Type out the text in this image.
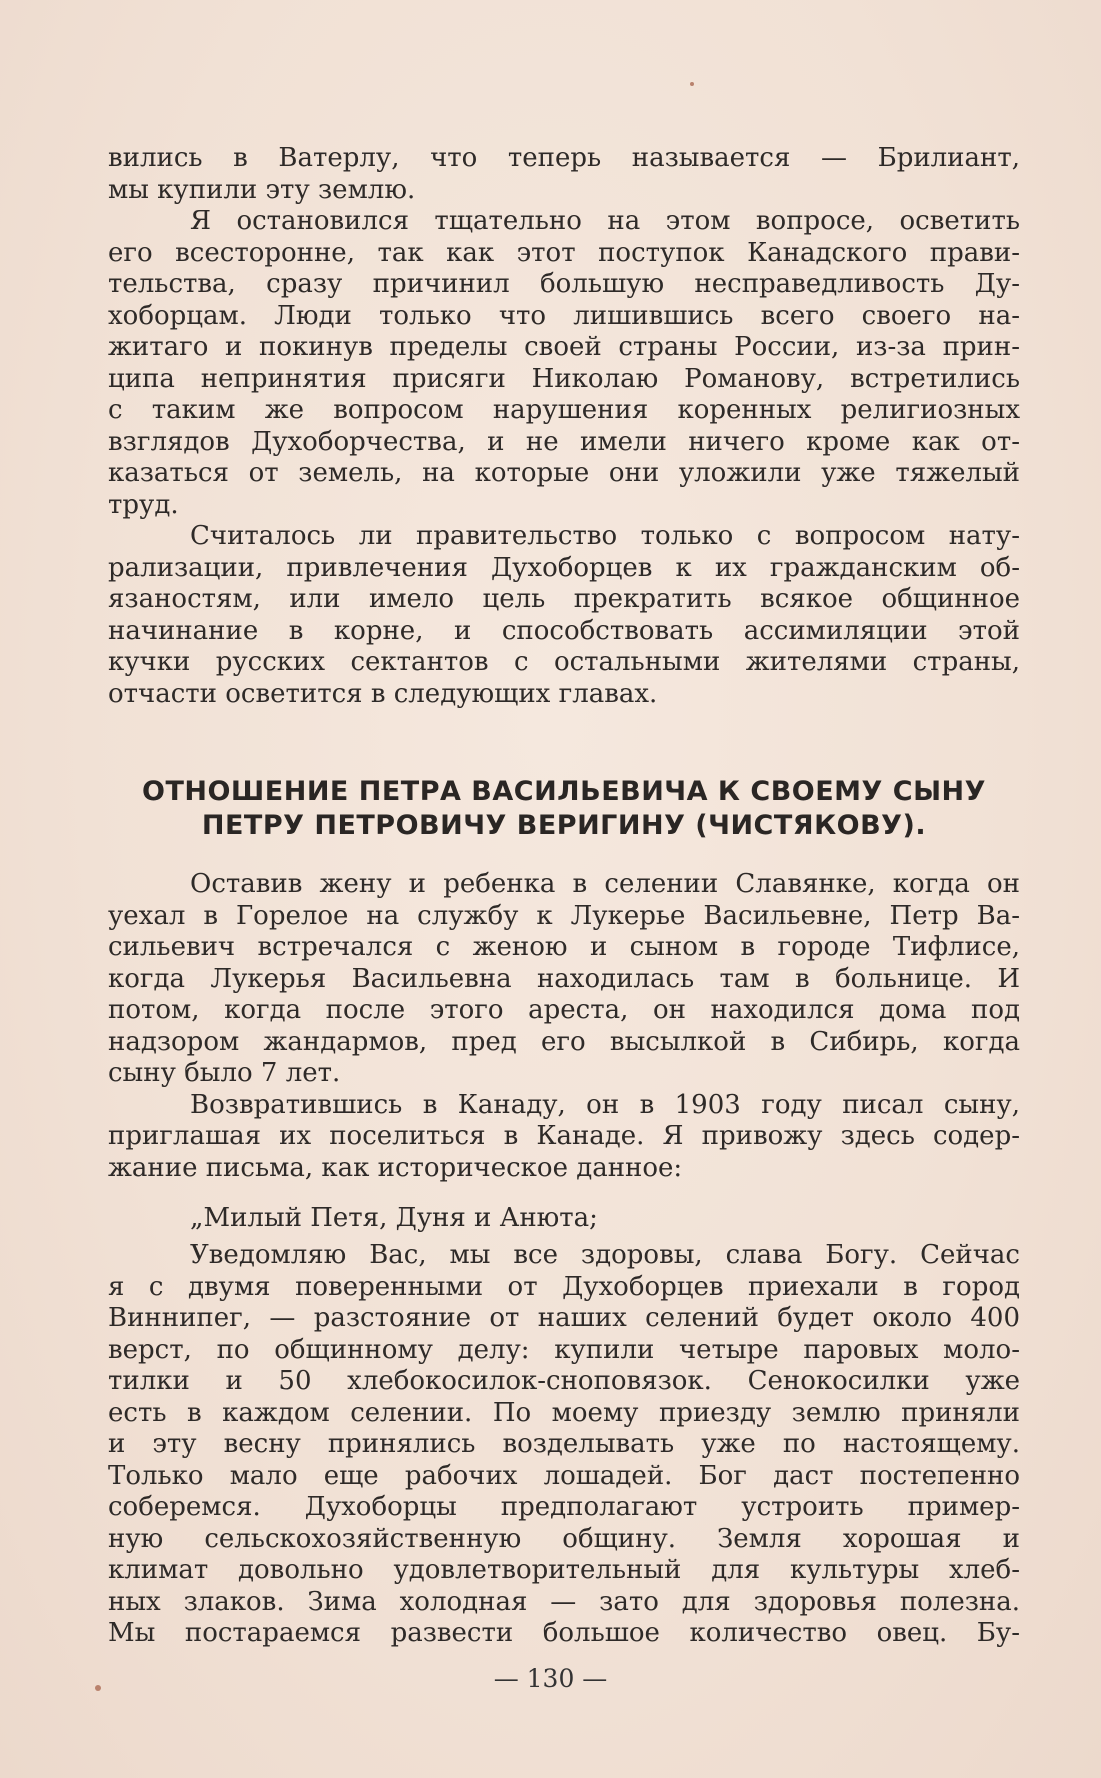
вились в Ватерлу, что теперь называется — Брилиант,
мы купили эту землю.
Я остановился тщательно на этом вопросе, осветить
его всесторонне, так как этот поступок Канадского прави-
тельства, сразу причинил большую несправедливость Ду-
хоборцам. Люди только что лишившись всего своего на-
житаго и покинув пределы своей страны России, из-за прин-
ципа непринятия присяги Николаю Романову, встретились
с таким же вопросом нарушения коренных религиозных
взглядов Духоборчества, и не имели ничего кроме как от-
казаться от земель, на которые они уложили уже тяжелый
труд.
Считалось ли правительство только с вопросом нату-
рализации, привлечения Духоборцев к их гражданским об-
язаностям, или имело цель прекратить всякое общинное
начинание в корне, и способствовать ассимиляции этой
кучки русских сектантов с остальными жителями страны,
отчасти осветится в следующих главах.
ОТНОШЕНИЕ ПЕТРА ВАСИЛЬЕВИЧА К СВОЕМУ СЫНУ
ПЕТРУ ПЕТРОВИЧУ ВЕРИГИНУ (ЧИСТЯКОВУ).
Оставив жену и ребенка в селении Славянке, когда он
уехал в Горелое на службу к Лукерье Васильевне, Петр Ва-
сильевич встречался с женою и сыном в городе Тифлисе,
когда Лукерья Васильевна находилась там в больнице. И
потом, когда после этого ареста, он находился дома под
надзором жандармов, пред его высылкой в Сибирь, когда
сыну было 7 лет.
Возвратившись в Канаду, он в 1903 году писал сыну,
приглашая их поселиться в Канаде. Я привожу здесь содер-
жание письма, как историческое данное:
„Милый Петя, Дуня и Анюта;
Уведомляю Вас, мы все здоровы, слава Богу. Сейчас
я с двумя поверенными от Духоборцев приехали в город
Виннипег, — разстояние от наших селений будет около 400
верст, по общинному делу: купили четыре паровых моло-
тилки и 50 хлебокосилок-сноповязок. Сенокосилки уже
есть в каждом селении. По моему приезду землю приняли
и эту весну принялись возделывать уже по настоящему.
Только мало еще рабочих лошадей. Бог даст постепенно
соберемся. Духоборцы предполагают устроить пример-
ную сельскохозяйственную общину. Земля хорошая и
климат довольно удовлетворительный для культуры хлеб-
ных злаков. Зима холодная — зато для здоровья полезна.
Мы постараемся развести большое количество овец. Бу-
— 130 —
